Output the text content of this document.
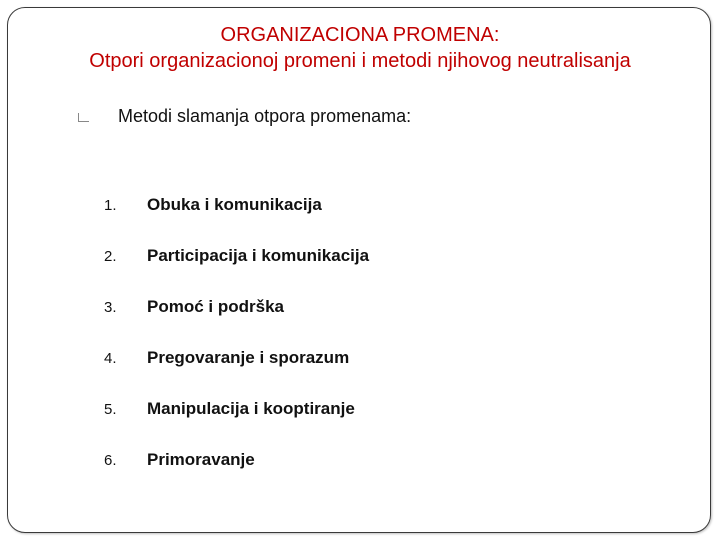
ORGANIZACIONA PROMENA:
Otpori organizacionoj promeni i metodi njihovog neutralisanja
Metodi slamanja otpora promenama:
1.	Obuka i komunikacija
2.	Participacija i komunikacija
3.	Pomoć i podrška
4.	Pregovaranje i sporazum
5.	Manipulacija i kooptiranje
6.	Primoravanje
